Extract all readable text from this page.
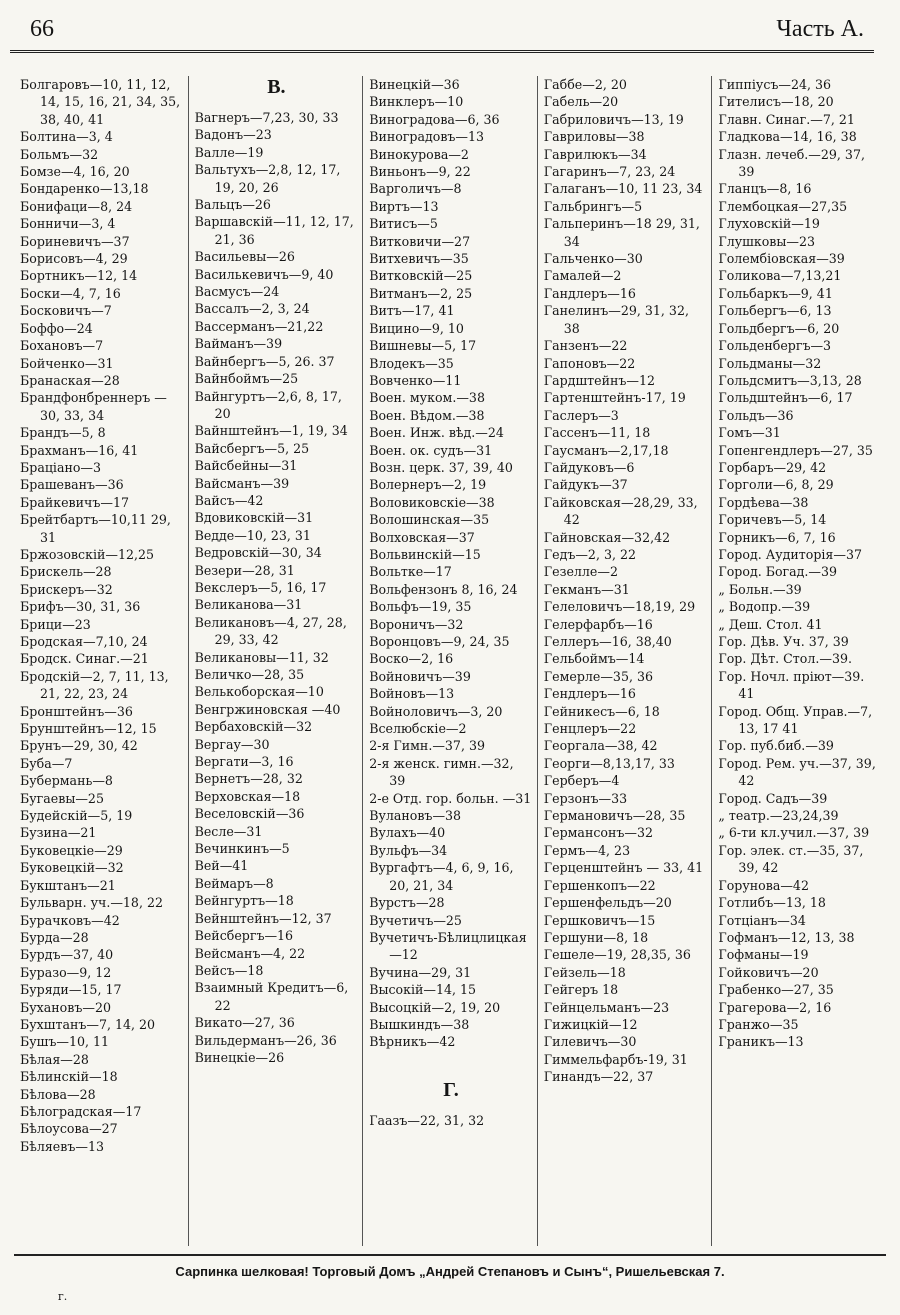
66	Часть А.
Болгаровъ—10, 11, 12, 14, 15, 16, 21, 34, 35, 38, 40, 41
Болтина—3, 4
Больмъ—32
Бомзе—4, 16, 20
Бондаренко—13,18
Бонифаци—8, 24
Бонничи—3, 4
Бориневичъ—37
Борисовъ—4, 29
Бортникъ—12, 14
Боски—4, 7, 16
Босковичъ—7
Боффо—24
Бохановъ—7
Бойченко—31
Бранаская—28
Брандфонбреннеръ —30, 33, 34
Брандъ—5, 8
Брахманъ—16, 41
Брацiано—3
Брашеванъ—36
Брайкевичъ—17
Брейтбартъ—10,11 29, 31
Бржозовскiй—12,25
Брискель—28
Брискеръ—32
Брифъ—30, 31, 36
Брици—23
Бродская—7,10, 24
Бродск. Синаг.—21
Бродскiй—2, 7, 11, 13, 21, 22, 23, 24
Бронштейнъ—36
Брунштейнъ—12, 15
Брунъ—29, 30, 42
Буба—7
Бубермань—8
Бугаевы—25
Будейскiй—5, 19
Бузина—21
Буковецкiе—29
Буковецкiй—32
Букштанъ—21
Бульварн. уч.—18, 22
Бурачковъ—42
Бурда—28
Бурдъ—37, 40
Буразо—9, 12
Буряди—15, 17
Бухановъ—20
Бухштанъ—7, 14, 20
Бушъ—10, 11
Бѣлая—28
Бѣлинскiй—18
Бѣлова—28
Бѣлоградская—17
Бѣлоусова—27
Бѣляевъ—13
В.
Вагнеръ—7,23, 30, 33
Вадонъ—23
Валле—19
Вальтухъ—2,8, 12, 17, 19, 20, 26
Вальцъ—26
Варшавскiй—11, 12, 17, 21, 36
Васильевы—26
Василькевичъ—9, 40
Васмусъ—24
Вассалъ—2, 3, 24
Вассерманъ—21,22
Вайманъ—39
Вайнбергъ—5, 26. 37
Вайнбоймъ—25
Вайнгуртъ—2,6, 8, 17, 20
Вайнштейнъ—1, 19, 34
Вайсбергъ—5, 25
Вайсбейны—31
Вайсманъ—39
Вайсъ—42
Вдовиковскiй—31
Ведде—10, 23, 31
Ведровскiй—30, 34
Везери—28, 31
Векслеръ—5, 16, 17
Великанова—31
Великановъ—4, 27, 28, 29, 33, 42
Великановы—11, 32
Величко—28, 35
Велькоборская—10
Венгржиновская —40
Вербаховскiй—32
Вергау—30
Вергати—3, 16
Вернетъ—28, 32
Верховская—18
Веселовскiй—36
Весле—31
Вечинкинъ—5
Вей—41
Веймаръ—8
Вейнгуртъ—18
Вейнштейнъ—12, 37
Вейсбергъ—16
Вейсманъ—4, 22
Вейсъ—18
Взаимный Кредитъ—6, 22
Викато—27, 36
Вильдерманъ—26, 36
Винецкiе—26
Винецкiй—36
Винклеръ—10
Виноградова—6, 36
Виноградовъ—13
Винокурова—2
Виньонъ—9, 22
Варголичъ—8
Виртъ—13
Витисъ—5
Витковичи—27
Витхевичъ—35
Витковскiй—25
Витманъ—2, 25
Витъ—17, 41
Вицино—9, 10
Вишневы—5, 17
Влодекъ—35
Вовченко—11
Воен. муком.—38
Воен. Вѣдом.—38
Воен. Инж. вѣд.—24
Воен. ок. судъ—31
Возн. церк. 37, 39, 40
Волернеръ—2, 19
Воловиковскiе—38
Волошинская—35
Волховская—37
Вольвинскiй—15
Вольтке—17
Вольфензонъ 8, 16, 24
Вольфъ—19, 35
Вороничъ—32
Воронцовъ—9, 24, 35
Воско—2, 16
Войновичъ—39
Войновъ—13
Войноловичъ—3, 20
Вселюбскiе—2
2-я Гимн.—37, 39
2-я женск. гимн.—32, 39
2-е Отд. гор. больн. —31
Вулановъ—38
Вулахъ—40
Вульфъ—34
Вургафтъ—4, 6, 9, 16, 20, 21, 34
Вурстъ—28
Вучетичъ—25
Вучетичъ-Бѣлицлицкая—12
Вучина—29, 31
Высокiй—14, 15
Высоцкiй—2, 19, 20
Вышкиндъ—38
Вѣрникъ—42
Г.
Гаазъ—22, 31, 32
Габбе—2, 20
Габель—20
Габриловичъ—13, 19
Гавриловы—38
Гаврилюкъ—34
Гагаринъ—7, 23, 24
Галаганъ—10, 11 23, 34
Гальбрингъ—5
Гальперинъ—18 29, 31, 34
Гальченко—30
Гамалей—2
Гандлеръ—16
Ганелинъ—29, 31, 32, 38
Ганзенъ—22
Гапоновъ—22
Гардштейнъ—12
Гартенштейнъ-17, 19
Гаслеръ—3
Гассенъ—11, 18
Гаусманъ—2,17,18
Гайдуковъ—6
Гайдукъ—37
Гайковская—28,29, 33, 42
Гайновская—32,42
Гедъ—2, 3, 22
Гезелле—2
Гекманъ—31
Гелеловичъ—18,19, 29
Гелерфарбъ—16
Геллеръ—16, 38,40
Гельбоймъ—14
Гемерле—35, 36
Гендлеръ—16
Гейникесъ—6, 18
Генцлеръ—22
Георгала—38, 42
Георги—8,13,17, 33
Герберъ—4
Герзонъ—33
Германовичъ—28, 35
Германсонъ—32
Гермъ—4, 23
Герценштейнъ — 33, 41
Гершенкопъ—22
Гершенфельдъ—20
Гершковичъ—15
Гершуни—8, 18
Гешеле—19, 28,35, 36
Гейзель—18
Гейгеръ 18
Гейнцельманъ—23
Гижицкiй—12
Гилевичъ—30
Гиммельфарбъ-19, 31
Гинандъ—22, 37
Гиппiусъ—24, 36
Гителисъ—18, 20
Главн. Синаг.—7, 21
Гладкова—14, 16, 38
Глазн. лечеб.—29, 37, 39
Гланцъ—8, 16
Глембоцкая—27,35
Глуховскiй—19
Глушковы—23
Голембiовская—39
Голикова—7,13,21
Гольбаркъ—9, 41
Гольбергъ—6, 13
Гольдбергъ—6, 20
Гольденбергъ—3
Гольдманы—32
Гольдсмитъ—3,13, 28
Гольдштейнъ—6, 17
Гольдъ—36
Гомъ—31
Гопенгендлеръ—27, 35
Горбаръ—29, 42
Горголи—6, 8, 29
Гордѣева—38
Горичевъ—5, 14
Горникъ—6, 7, 16
Город. Аудиторiя—37
Город. Богад.—39
„ Больн.—39
„ Водопр.—39
„ Деш. Стол. 41
Гор. Дѣв. Уч. 37, 39
Гор. Дѣт. Стол.—39.
Гор. Ночл. прiют—39. 41
Город. Общ. Управ.—7, 13, 17 41
Гор. пуб.биб.—39
Город. Рем. уч.—37, 39, 42
Город. Садъ—39
„ театр.—23,24,39
„ 6-ти кл.учил.—37, 39
Гор. элек. ст.—35, 37, 39, 42
Горунова—42
Готлибъ—13, 18
Готцiанъ—34
Гофманъ—12, 13, 38
Гофманы—19
Гойковичъ—20
Грабенко—27, 35
Грагерова—2, 16
Гранжо—35
Граникъ—13
Сарпинка шелковая! Торговый Домъ „Андрей Степановъ и Сынъ“, Ришельевская 7.
г.
